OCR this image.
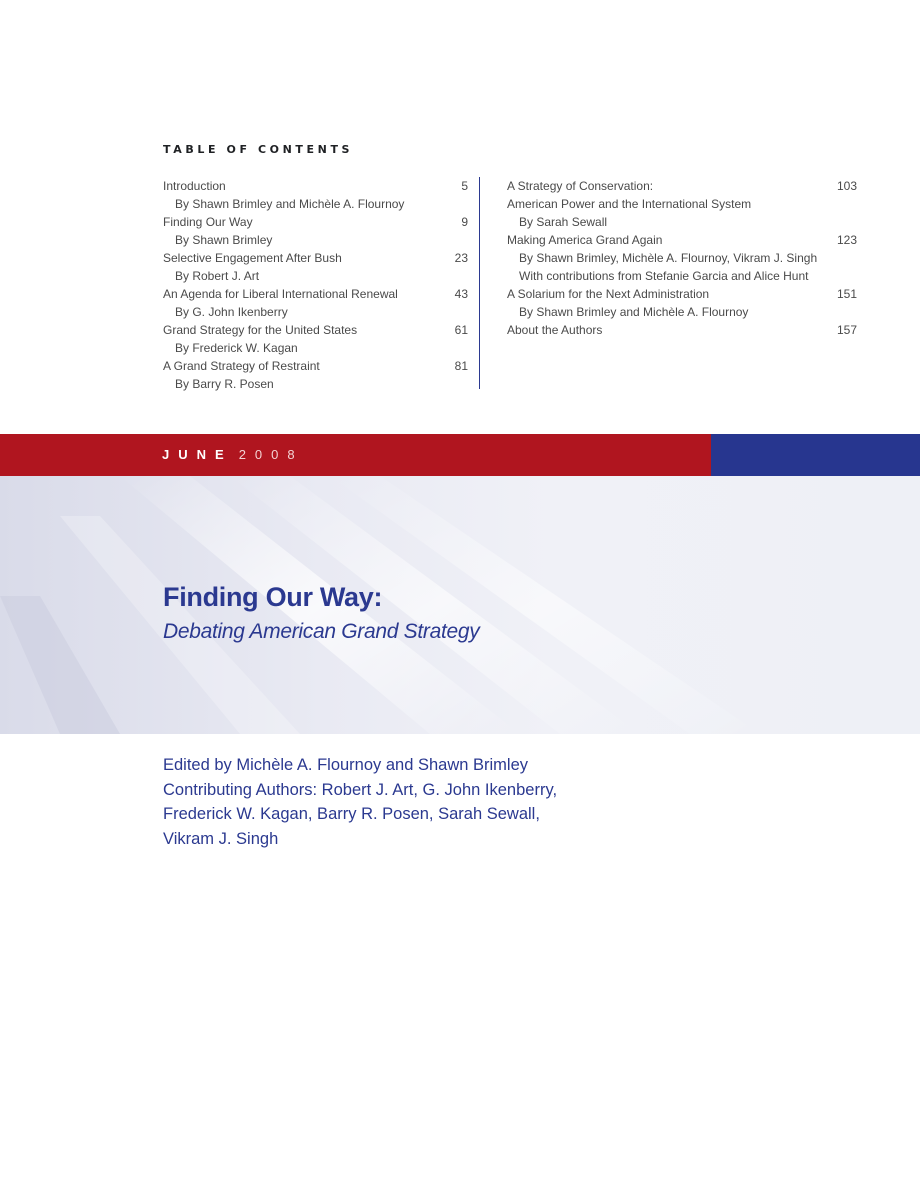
TABLE OF CONTENTS
Introduction	5
By Shawn Brimley and Michèle A. Flournoy
Finding Our Way	9
By Shawn Brimley
Selective Engagement After Bush	23
By Robert J. Art
An Agenda for Liberal International Renewal	43
By G. John Ikenberry
Grand Strategy for the United States	61
By Frederick W. Kagan
A Grand Strategy of Restraint	81
By Barry R. Posen
A Strategy of Conservation:	103
American Power and the International System
By Sarah Sewall
Making America Grand Again	123
By Shawn Brimley, Michèle A. Flournoy, Vikram J. Singh
With contributions from Stefanie Garcia and Alice Hunt
A Solarium for the Next Administration	151
By Shawn Brimley and Michèle A. Flournoy
About the Authors	157
JUNE 2008
Finding Our Way:
Debating American Grand Strategy
Edited by Michèle A. Flournoy and Shawn Brimley
Contributing Authors: Robert J. Art, G. John Ikenberry,
Frederick W. Kagan, Barry R. Posen, Sarah Sewall,
Vikram J. Singh
